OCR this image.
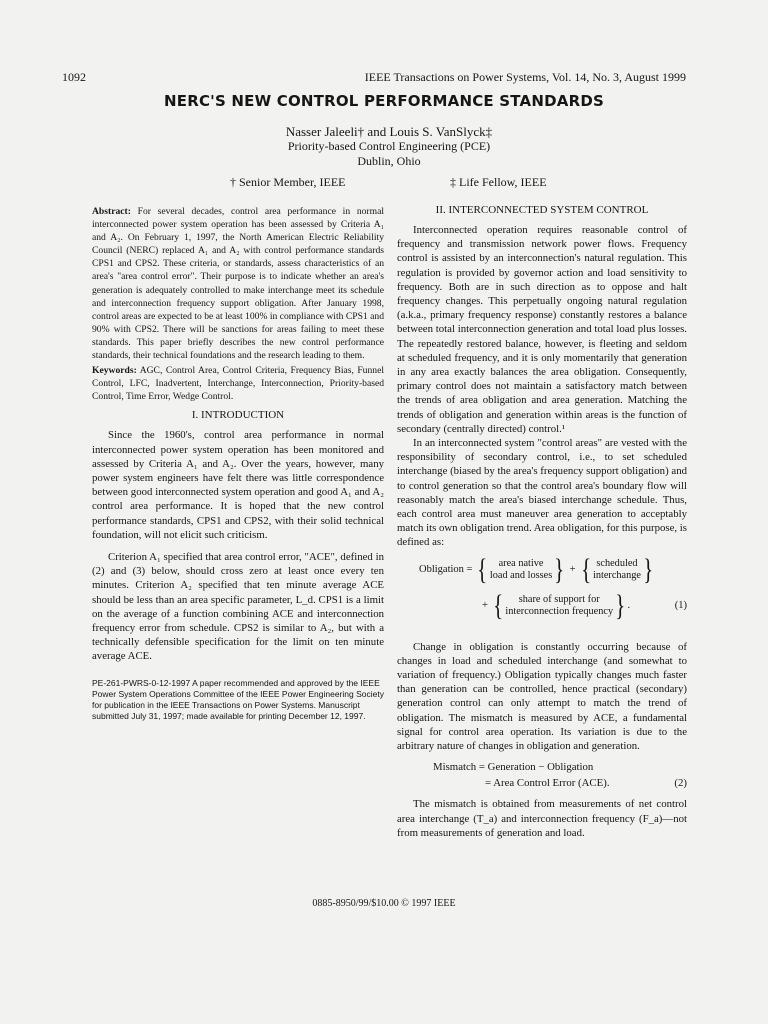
1092	IEEE Transactions on Power Systems, Vol. 14, No. 3, August 1999
NERC'S NEW CONTROL PERFORMANCE STANDARDS
Nasser Jaleeli† and Louis S. VanSlyck‡
Priority-based Control Engineering (PCE)
Dublin, Ohio
† Senior Member, IEEE	‡ Life Fellow, IEEE

Abstract: For several decades, control area performance in normal interconnected power system operation has been assessed by Criteria A₁ and A₂. On February 1, 1997, the North American Electric Reliability Council (NERC) replaced A₁ and A₂ with control performance standards CPS1 and CPS2. These criteria, or standards, assess characteristics of an area's "area control error". Their purpose is to indicate whether an area's generation is adequately controlled to make interchange meet its schedule and interconnection frequency support obligation. After January 1998, control areas are expected to be at least 100% in compliance with CPS1 and 90% with CPS2. There will be sanctions for areas failing to meet these standards. This paper briefly describes the new control performance standards, their technical foundations and the research leading to them.

Keywords: AGC, Control Area, Control Criteria, Frequency Bias, Funnel Control, LFC, Inadvertent, Interchange, Interconnection, Priority-based Control, Time Error, Wedge Control.

I. INTRODUCTION

Since the 1960's, control area performance in normal interconnected power system operation has been monitored and assessed by Criteria A₁ and A₂. Over the years, however, many power system engineers have felt there was little correspondence between good interconnected system operation and good A₁ and A₂ control area performance. It is hoped that the new control performance standards, CPS1 and CPS2, with their solid technical foundation, will not elicit such criticism.

Criterion A₁ specified that area control error, "ACE", defined in (2) and (3) below, should cross zero at least once every ten minutes. Criterion A₂ specified that ten minute average ACE should be less than an area specific parameter, L_d. CPS1 is a limit on the average of a function combining ACE and interconnection frequency error from schedule. CPS2 is similar to A₂, but with a technically defensible specification for the limit on ten minute average ACE.

PE-261-PWRS-0-12-1997 A paper recommended and approved by the IEEE Power System Operations Committee of the IEEE Power Engineering Society for publication in the IEEE Transactions on Power Systems. Manuscript submitted July 31, 1997; made available for printing December 12, 1997.

II. INTERCONNECTED SYSTEM CONTROL

Interconnected operation requires reasonable control of frequency and transmission network power flows. Frequency control is assisted by an interconnection's natural regulation. This regulation is provided by governor action and load sensitivity to frequency. Both are in such direction as to oppose and halt frequency changes. This perpetually ongoing natural regulation (a.k.a., primary frequency response) constantly restores a balance between total interconnection generation and total load plus losses. The repeatedly restored balance, however, is fleeting and seldom at scheduled frequency, and it is only momentarily that generation in any area exactly balances the area obligation. Consequently, primary control does not maintain a satisfactory match between the trends of area obligation and area generation. Matching the trends of obligation and generation within areas is the function of secondary (centrally directed) control.¹

In an interconnected system "control areas" are vested with the responsibility of secondary control, i.e., to set scheduled interchange (biased by the area's frequency support obligation) and to control generation so that the control area's boundary flow will reasonably match the area's biased interchange schedule. Thus, each control area must maneuver area generation to acceptably match its own obligation trend. Area obligation, for this purpose, is defined as:

Obligation = { area native
load and losses } + { scheduled
interchange }
+ { share of support for
interconnection frequency } .	(1)

Change in obligation is constantly occurring because of changes in load and scheduled interchange (and somewhat to variation of frequency.) Obligation typically changes much faster than generation can be controlled, hence practical (secondary) generation control can only attempt to match the trend of obligation. The mismatch is measured by ACE, a fundamental signal for control area operation. Its variation is due to the arbitrary nature of changes in obligation and generation.

Mismatch = Generation − Obligation
= Area Control Error (ACE).	(2)

The mismatch is obtained from measurements of net control area interchange (T_a) and interconnection frequency (F_a)—not from measurements of generation and load.

0885-8950/99/$10.00 © 1997 IEEE
